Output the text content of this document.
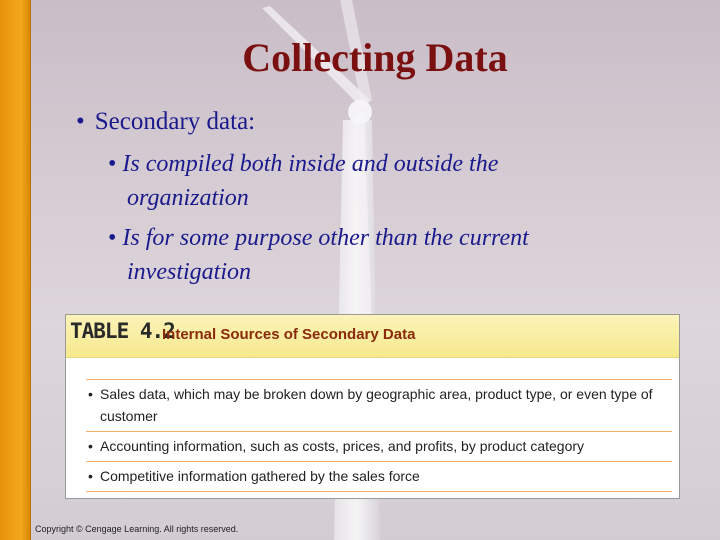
Collecting Data
• Secondary data:
• Is compiled both inside and outside the
organization
• Is for some purpose other than the current
investigation
TABLE 4.2
Internal Sources of Secondary Data
• Sales data, which may be broken down by geographic area, product type, or even type of customer
• Accounting information, such as costs, prices, and profits, by product category
• Competitive information gathered by the sales force
Copyright © Cengage Learning. All rights reserved.
